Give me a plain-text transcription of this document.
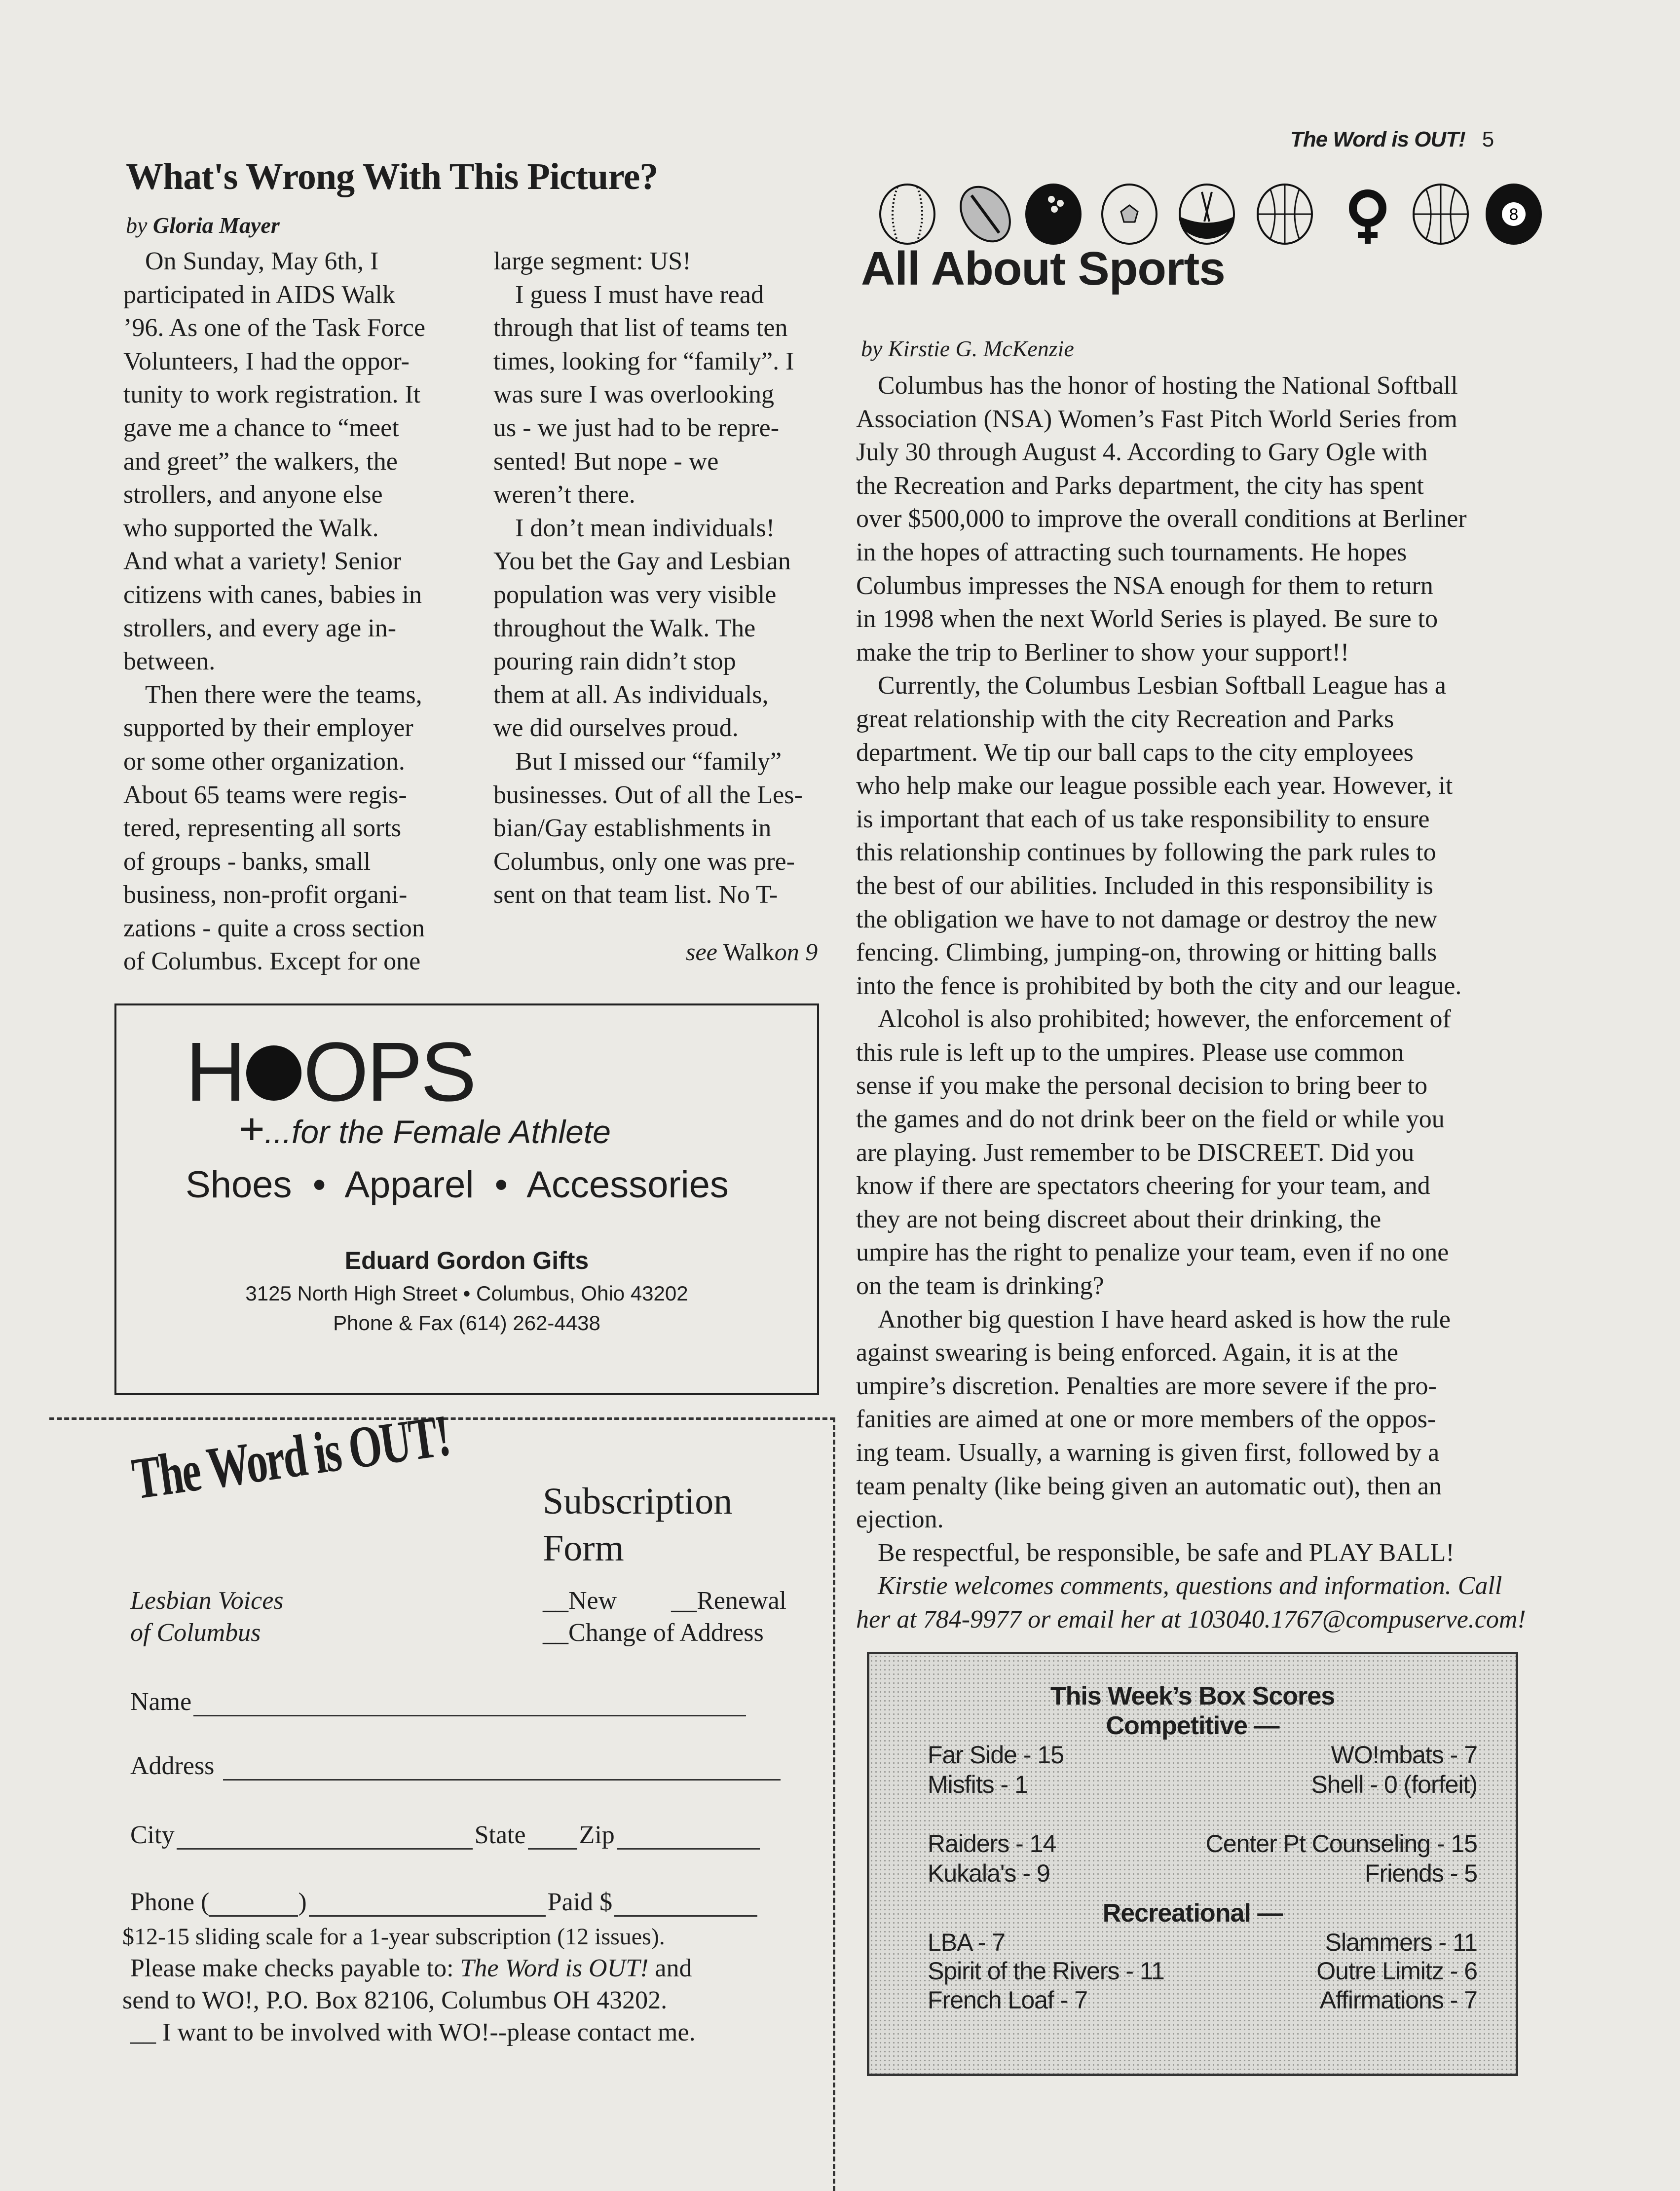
The Word is OUT! 5
What's Wrong With This Picture?
by Gloria Mayer
On Sunday, May 6th, I
participated in AIDS Walk
’96. As one of the Task Force
Volunteers, I had the oppor-
tunity to work registration. It
gave me a chance to “meet
and greet” the walkers, the
strollers, and anyone else
who supported the Walk.
And what a variety! Senior
citizens with canes, babies in
strollers, and every age in-
between.
Then there were the teams,
supported by their employer
or some other organization.
About 65 teams were regis-
tered, representing all sorts
of groups - banks, small
business, non-profit organi-
zations - quite a cross section
of Columbus. Except for one
large segment: US!
I guess I must have read
through that list of teams ten
times, looking for “family”. I
was sure I was overlooking
us - we just had to be repre-
sented! But nope - we
weren’t there.
I don’t mean individuals!
You bet the Gay and Lesbian
population was very visible
throughout the Walk. The
pouring rain didn’t stop
them at all. As individuals,
we did ourselves proud.
But I missed our “family”
businesses. Out of all the Les-
bian/Gay establishments in
Columbus, only one was pre-
sent on that team list. No T-
see Walkon 9
H OPS
+ ...for the Female Athlete
Shoes  •  Apparel  •  Accessories
Eduard Gordon Gifts
3125 North High Street • Columbus, Ohio 43202
Phone & Fax (614) 262-4438
The Word is OUT! Subscription
Form
Lesbian Voices
of Columbus
__New __Renewal
__Change of Address
Name
Address
City	State Zip
Phone (	)	Paid $
$12-15 sliding scale for a 1-year subscription (12 issues).
Please make checks payable to: The Word is OUT! and
send to WO!, P.O. Box 82106, Columbus OH 43202.
__ I want to be involved with WO!--please contact me.
8
All About Sports
by Kirstie G. McKenzie
Columbus has the honor of hosting the National Softball
Association (NSA) Women’s Fast Pitch World Series from
July 30 through August 4. According to Gary Ogle with
the Recreation and Parks department, the city has spent
over $500,000 to improve the overall conditions at Berliner
in the hopes of attracting such tournaments. He hopes
Columbus impresses the NSA enough for them to return
in 1998 when the next World Series is played. Be sure to
make the trip to Berliner to show your support!!
Currently, the Columbus Lesbian Softball League has a
great relationship with the city Recreation and Parks
department. We tip our ball caps to the city employees
who help make our league possible each year. However, it
is important that each of us take responsibility to ensure
this relationship continues by following the park rules to
the best of our abilities. Included in this responsibility is
the obligation we have to not damage or destroy the new
fencing. Climbing, jumping-on, throwing or hitting balls
into the fence is prohibited by both the city and our league.
Alcohol is also prohibited; however, the enforcement of
this rule is left up to the umpires. Please use common
sense if you make the personal decision to bring beer to
the games and do not drink beer on the field or while you
are playing. Just remember to be DISCREET. Did you
know if there are spectators cheering for your team, and
they are not being discreet about their drinking, the
umpire has the right to penalize your team, even if no one
on the team is drinking?
Another big question I have heard asked is how the rule
against swearing is being enforced. Again, it is at the
umpire’s discretion. Penalties are more severe if the pro-
fanities are aimed at one or more members of the oppos-
ing team. Usually, a warning is given first, followed by a
team penalty (like being given an automatic out), then an
ejection.
Be respectful, be responsible, be safe and PLAY BALL!
Kirstie welcomes comments, questions and information. Call
her at 784-9977 or email her at 103040.1767@compuserve.com!
This Week’s Box Scores
Competitive —
Recreational —
Far Side - 15	WO!mbats - 7
Misfits - 1	Shell - 0 (forfeit)
Raiders - 14	Center Pt Counseling - 15
Kukala's - 9	Friends - 5
LBA - 7	Slammers - 11
Spirit of the Rivers - 11	Outre Limitz - 6
French Loaf - 7	Affirmations - 7
